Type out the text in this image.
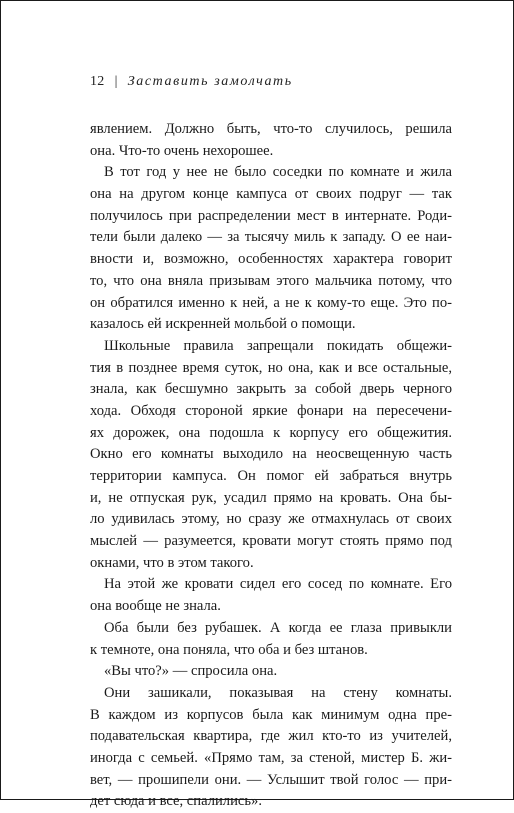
12 | Заставить замолчать
явлением. Должно быть, что-то случилось, решила
она. Что-то очень нехорошее.
В тот год у нее не было соседки по комнате и жила
она на другом конце кампуса от своих подруг — так
получилось при распределении мест в интернате. Роди-
тели были далеко — за тысячу миль к западу. О ее наи-
вности и, возможно, особенностях характера говорит
то, что она вняла призывам этого мальчика потому, что
он обратился именно к ней, а не к кому-то еще. Это по-
казалось ей искренней мольбой о помощи.
Школьные правила запрещали покидать общежи-
тия в позднее время суток, но она, как и все остальные,
знала, как бесшумно закрыть за собой дверь черного
хода. Обходя стороной яркие фонари на пересечени-
ях дорожек, она подошла к корпусу его общежития.
Окно его комнаты выходило на неосвещенную часть
территории кампуса. Он помог ей забраться внутрь
и, не отпуская рук, усадил прямо на кровать. Она бы-
ло удивилась этому, но сразу же отмахнулась от своих
мыслей — разумеется, кровати могут стоять прямо под
окнами, что в этом такого.
На этой же кровати сидел его сосед по комнате. Его
она вообще не знала.
Оба были без рубашек. А когда ее глаза привыкли
к темноте, она поняла, что оба и без штанов.
«Вы что?» — спросила она.
Они зашикали, показывая на стену комнаты.
В каждом из корпусов была как минимум одна пре-
подавательская квартира, где жил кто-то из учителей,
иногда с семьей. «Прямо там, за стеной, мистер Б. жи-
вет, — прошипели они. — Услышит твой голос — при-
дет сюда и все, спалились».
